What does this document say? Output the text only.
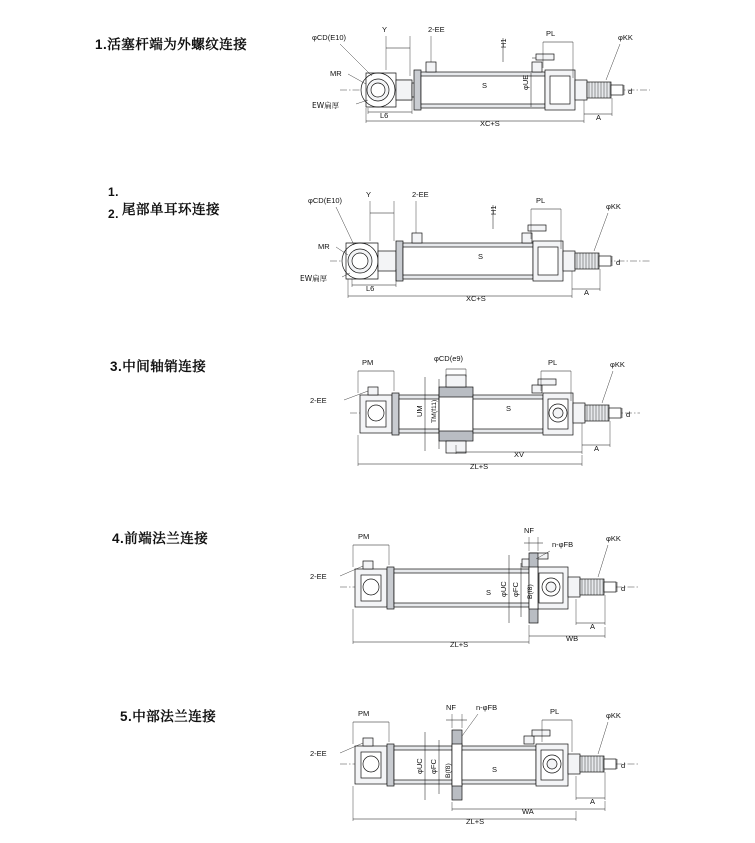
1.活塞杆端为外螺纹连接	φCD(E10)
Y	2-EE
H1
PL	φKK
φUE
S
d
MR
EW扁厚
L6
XC+S
A
1.
2. 尾部单耳环连接
φCD(E10)
Y	2-EE
H1
PL
φKK
S
d
MR
EW扁厚
L6
XC+S
A
3.中间轴销连接	PM
2-EE
φCD(e9)	PL	φKK
UM TM(f11)	S
d
XV
A
ZL+S
4.前端法兰连接	PM
2-EE
NF
n-φFB
φKK
S φUC φFC B(f8)	d
A
WB
ZL+S
5.中部法兰连接	PM
2-EE
NF	n-φFB	PL	φKK
S
φUC φFC B(f8)	d
A
WA
ZL+S
